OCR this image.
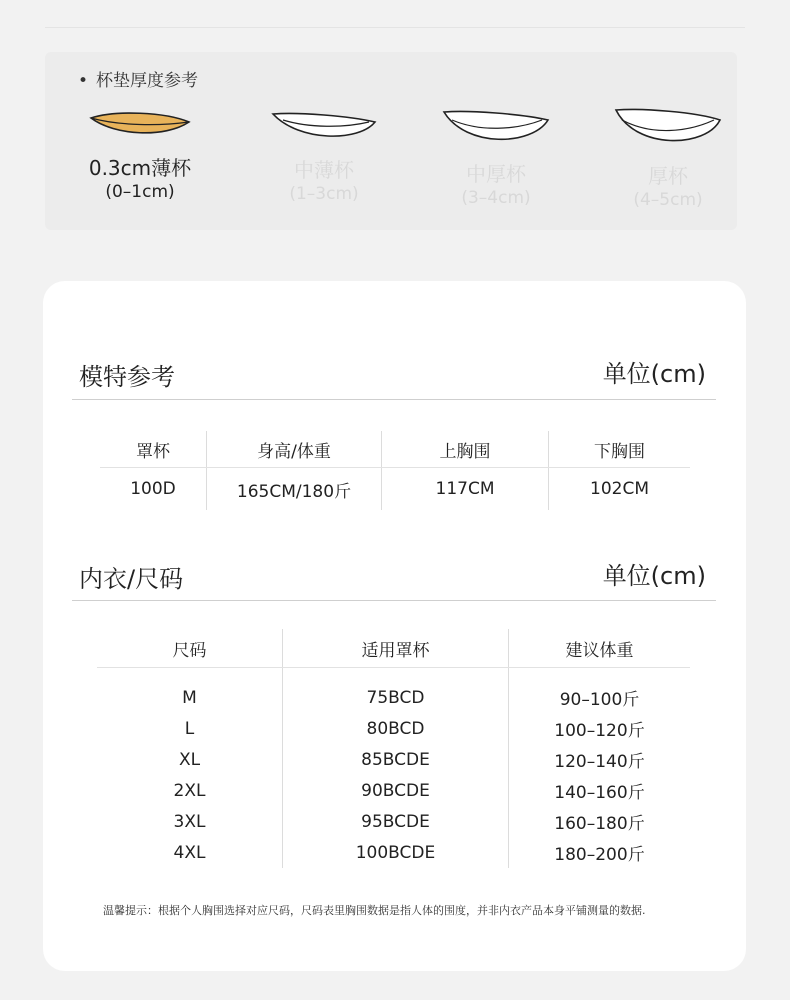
• 杯垫厚度参考
0.3cm薄杯
(0–1cm)
中薄杯
(1–3cm)
中厚杯
(3–4cm)
厚杯
(4–5cm)
模特参考	单位(cm)
罩杯	身高/体重	上胸围	下胸围
100D	165CM/180斤	117CM	102CM
内衣/尺码	单位(cm)
尺码	适用罩杯	建议体重
M	75BCD	90–100斤
L	80BCD	100–120斤
XL	85BCDE	120–140斤
2XL	90BCDE	140–160斤
3XL	95BCDE	160–180斤
4XL	100BCDE	180–200斤
温馨提示：根据个人胸围选择对应尺码，尺码表里胸围数据是指人体的围度，并非内衣产品本身平铺测量的数据.
